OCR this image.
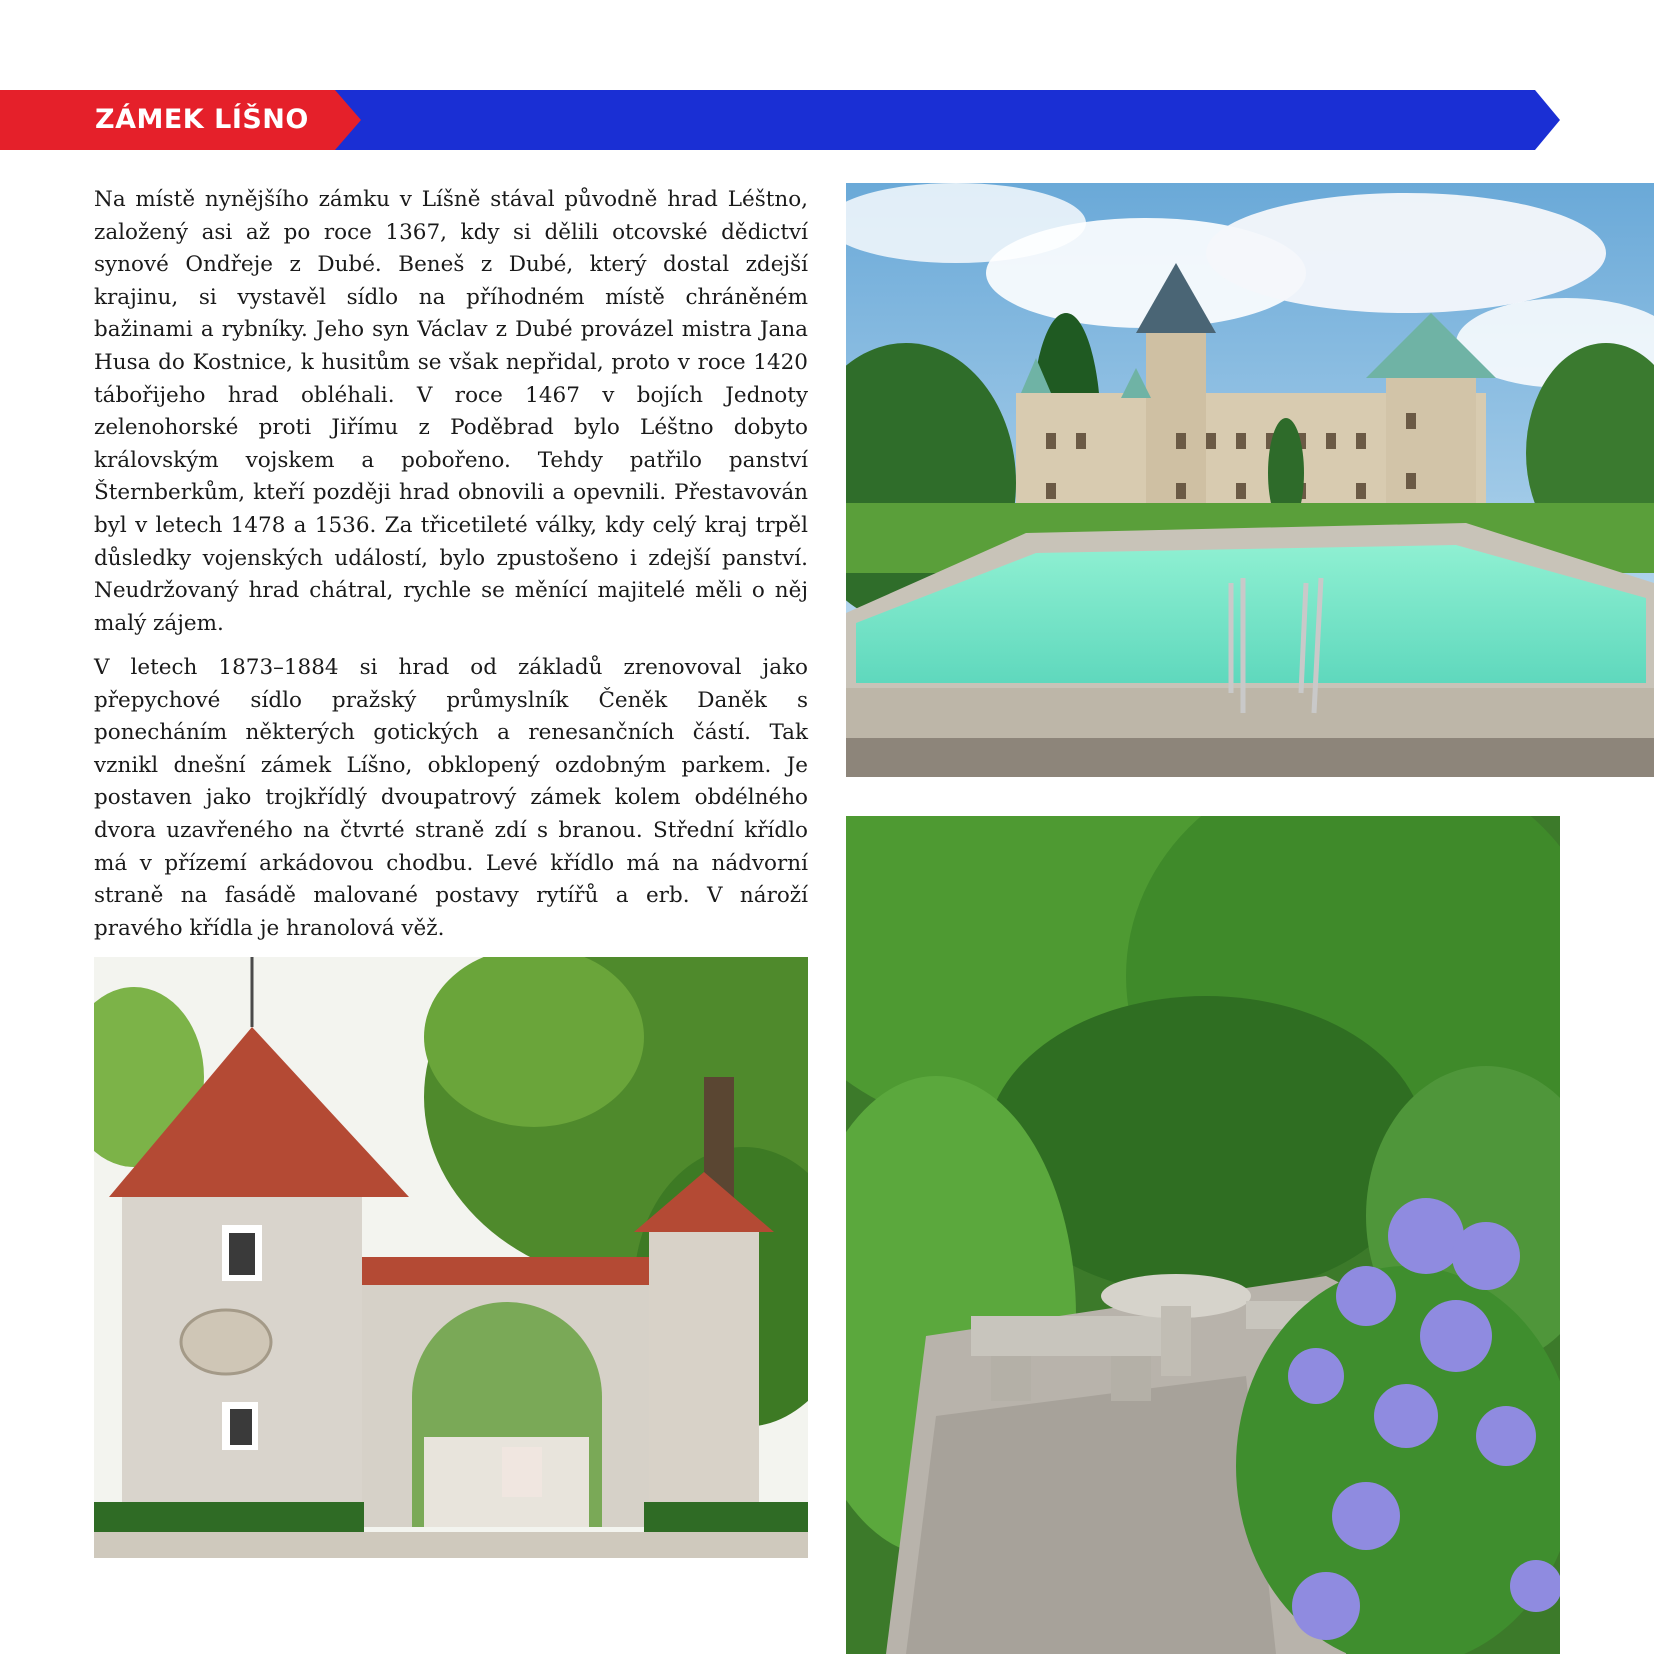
ZÁMEK LÍŠNO

Na místě nynějšího zámku v Líšně stával původně hrad Léštno, založený asi až po roce 1367, kdy si dělili otcovské dědictví synové Ondřeje z Dubé. Beneš z Dubé, který dostal zdejší krajinu, si vystavěl sídlo na příhodném místě chráněném bažinami a rybníky. Jeho syn Václav z Dubé provázel mistra Jana Husa do Kostnice, k husitům se však nepřidal, proto v roce 1420 tábořijeho hrad obléhali. V roce 1467 v bojích Jednoty zelenohorské proti Jiřímu z Poděbrad bylo Léštno dobyto královským vojskem a pobořeno. Tehdy patřilo panství Šternberkům, kteří později hrad obnovili a opevnili. Přestavován byl v letech 1478 a 1536. Za třicetileté války, kdy celý kraj trpěl důsledky vojenských událostí, bylo zpustošeno i zdejší panství. Neudržovaný hrad chátral, rychle se měnící majitelé měli o něj malý zájem.

V letech 1873–1884 si hrad od základů zrenovoval jako přepychové sídlo pražský průmyslník Čeněk Daněk s ponecháním některých gotických a renesančních částí. Tak vznikl dnešní zámek Líšno, obklopený ozdobným parkem. Je postaven jako trojkřídlý dvoupatrový zámek kolem obdélného dvora uzavřeného na čtvrté straně zdí s branou. Střední křídlo má v přízemí arkádovou chodbu. Levé křídlo má na nádvorní straně na fasádě malované postavy rytířů a erb. V nároží pravého křídla je hranolová věž.
